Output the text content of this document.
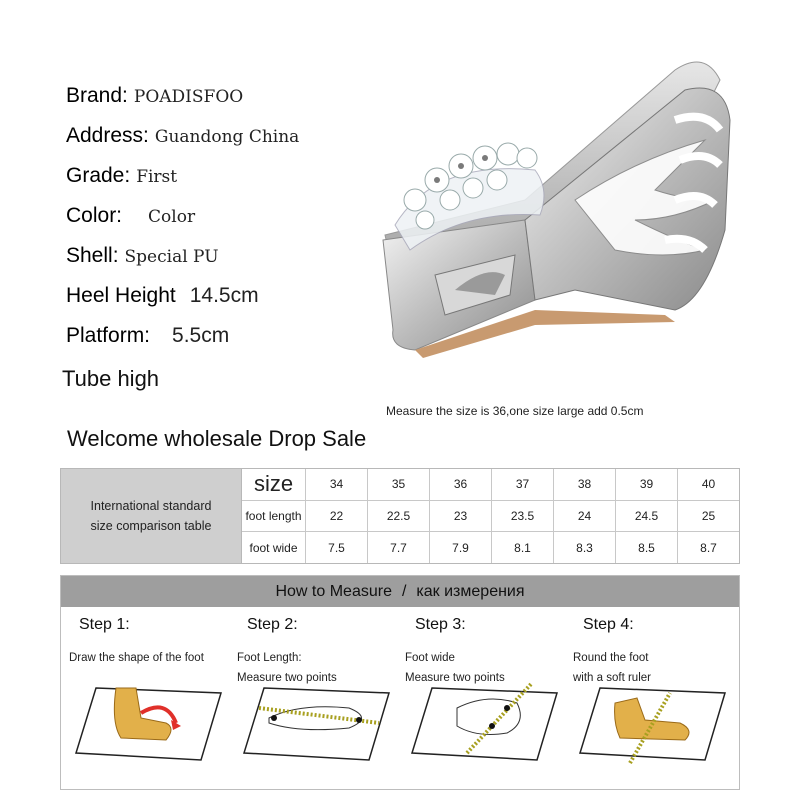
Brand: POADISFOO
Address: Guandong China
Grade: First
Color: Color
Shell: Special PU
Heel Height 14.5cm
Platform: 5.5cm
Tube high
Measure the size is 36,one size large add 0.5cm
Welcome wholesale Drop Sale
International standard
size comparison table
size	34	35	36	37	38	39	40
foot length	22	22.5	23	23.5	24	24.5	25
foot wide	7.5	7.7	7.9	8.1	8.3	8.5	8.7
How to Measure / как измерения
Step 1:
Draw the shape of the foot
Step 2:
Foot Length:
Measure two points
Step 3:
Foot wide
Measure two points
Step 4:
Round the foot
with a soft ruler
